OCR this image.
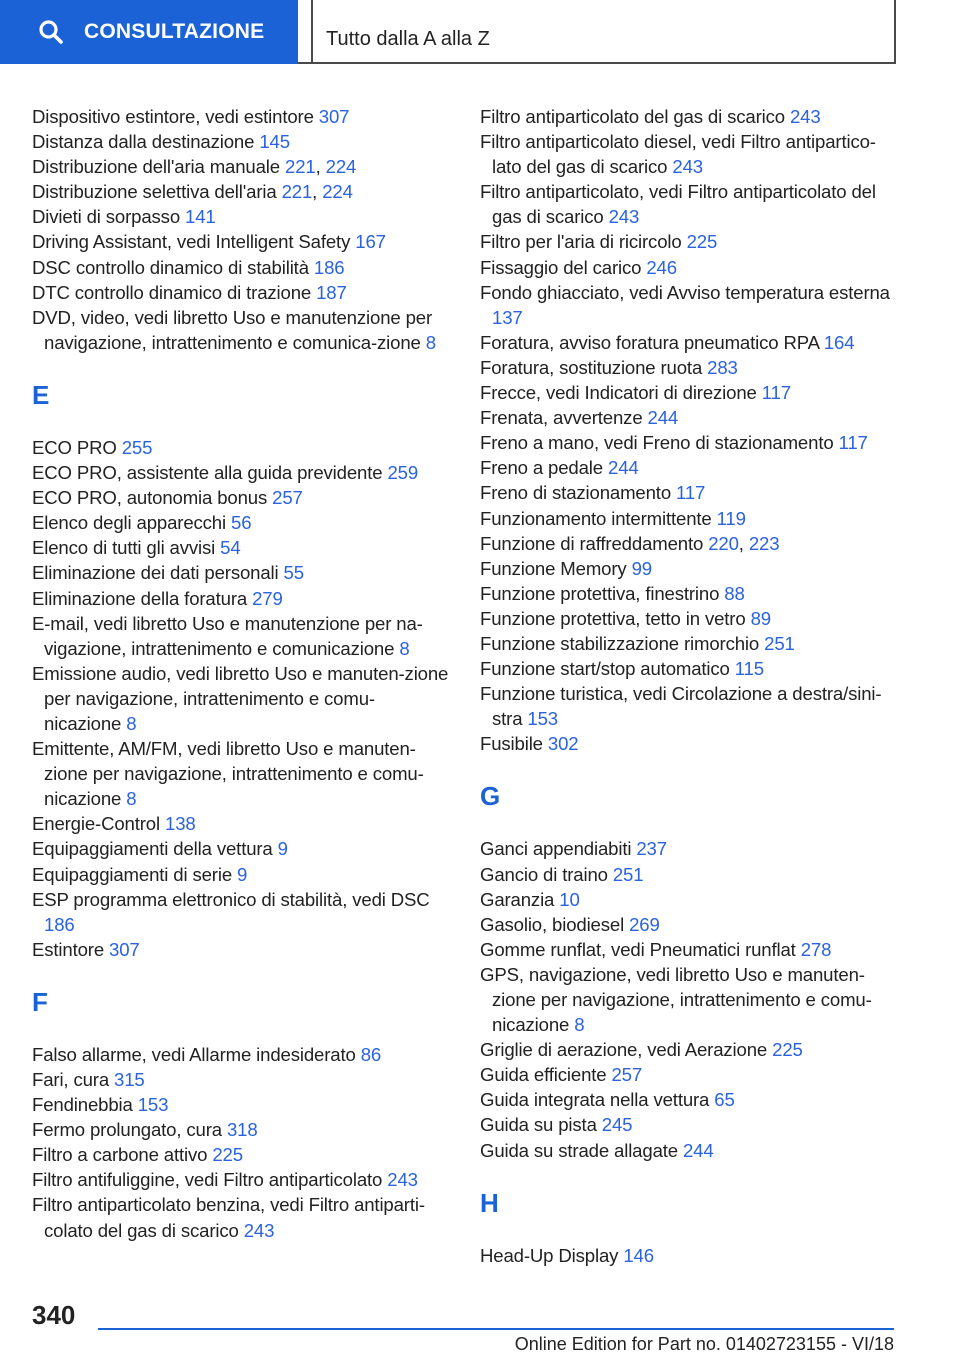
CONSULTAZIONE	Tutto dalla A alla Z

Dispositivo estintore, vedi estintore 307

Distanza dalla destinazione 145

Distribuzione dell'aria manuale 221, 224

Distribuzione selettiva dell'aria 221, 224

Divieti di sorpasso 141

Driving Assistant, vedi Intelligent Safety 167

DSC controllo dinamico di stabilità 186

DTC controllo dinamico di trazione 187

DVD, video, vedi libretto Uso e manutenzione per navigazione, intrattenimento e comunica-zione 8

E

ECO PRO 255

ECO PRO, assistente alla guida previdente 259

ECO PRO, autonomia bonus 257

Elenco degli apparecchi 56

Elenco di tutti gli avvisi 54

Eliminazione dei dati personali 55

Eliminazione della foratura 279

E-mail, vedi libretto Uso e manutenzione per na-vigazione, intrattenimento e comunicazione 8

Emissione audio, vedi libretto Uso e manuten-zione per navigazione, intrattenimento e comu-nicazione 8

Emittente, AM/FM, vedi libretto Uso e manuten-zione per navigazione, intrattenimento e comu-nicazione 8

Energie-Control 138

Equipaggiamenti della vettura 9

Equipaggiamenti di serie 9

ESP programma elettronico di stabilità, vedi DSC 186

Estintore 307

F

Falso allarme, vedi Allarme indesiderato 86

Fari, cura 315

Fendinebbia 153

Fermo prolungato, cura 318

Filtro a carbone attivo 225

Filtro antifuliggine, vedi Filtro antiparticolato 243

Filtro antiparticolato benzina, vedi Filtro antiparti-colato del gas di scarico 243

Filtro antiparticolato del gas di scarico 243

Filtro antiparticolato diesel, vedi Filtro antipartico-lato del gas di scarico 243

Filtro antiparticolato, vedi Filtro antiparticolato del gas di scarico 243

Filtro per l'aria di ricircolo 225

Fissaggio del carico 246

Fondo ghiacciato, vedi Avviso temperatura esterna 137

Foratura, avviso foratura pneumatico RPA 164

Foratura, sostituzione ruota 283

Frecce, vedi Indicatori di direzione 117

Frenata, avvertenze 244

Freno a mano, vedi Freno di stazionamento 117

Freno a pedale 244

Freno di stazionamento 117

Funzionamento intermittente 119

Funzione di raffreddamento 220, 223

Funzione Memory 99

Funzione protettiva, finestrino 88

Funzione protettiva, tetto in vetro 89

Funzione stabilizzazione rimorchio 251

Funzione start/stop automatico 115

Funzione turistica, vedi Circolazione a destra/sini-stra 153

Fusibile 302

G

Ganci appendiabiti 237

Gancio di traino 251

Garanzia 10

Gasolio, biodiesel 269

Gomme runflat, vedi Pneumatici runflat 278

GPS, navigazione, vedi libretto Uso e manuten-zione per navigazione, intrattenimento e comu-nicazione 8

Griglie di aerazione, vedi Aerazione 225

Guida efficiente 257

Guida integrata nella vettura 65

Guida su pista 245

Guida su strade allagate 244

H

Head-Up Display 146

340
Online Edition for Part no. 01402723155 - VI/18
